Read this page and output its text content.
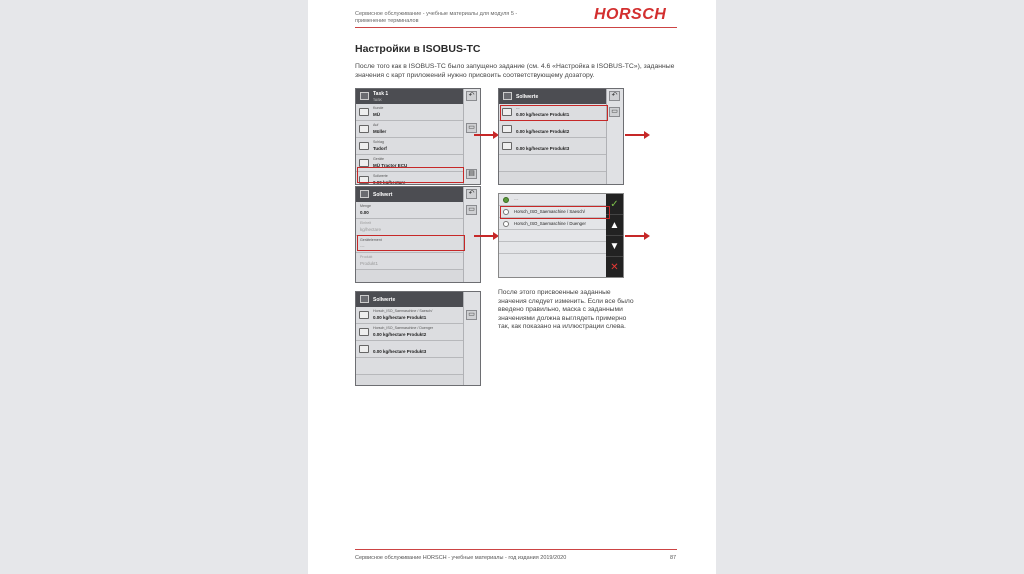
Сервисное обслуживание - учебные материалы для модуля 5 -
применение терминалов	HORSCH
Настройки в ISOBUS-TC
После того как в ISOBUS-TC было запущено задание (см. 4.6 «Настройка в ISOBUS-TC»), заданные значения с карт приложений нужно присвоить соответствующему дозатору.
Task 1
TASK
Kunde
MÜ
Auf
Müller
Schlag
Tudorf
Geräte
MÜ Tractor ECU
Sollwerte
0.00 kg/hectare
↶
▭
▤
Sollwerte
---
0.00 kg/hectare Produkt1
0.00 kg/hectare Produkt2
0.00 kg/hectare Produkt3
↶
▭
Sollwert
Menge
0.00
Einheit
kg/hectare
Gerätelement
---
Produkt
Produkt1
↶
▭
---
Horsch_ISO_Saemaschine / Saesch/
Horsch_ISO_Saemaschine / Duenger
✓
▲
▼
✕
Sollwerte
Horsch_ISO_Saemaschine / Saesch/
0.00 kg/hectare Produkt1
Horsch_ISO_Saemaschine / Duenger
0.00 kg/hectare Produkt2
0.00 kg/hectare Produkt3
▭
После этого присвоенные заданные значения следует изменить. Если все было введено правильно, маска с заданными значениями должна выглядеть примерно так, как показано на иллюстрации слева.
Сервисное обслуживание HORSCH - учебные материалы - год издания 2019/2020	87
